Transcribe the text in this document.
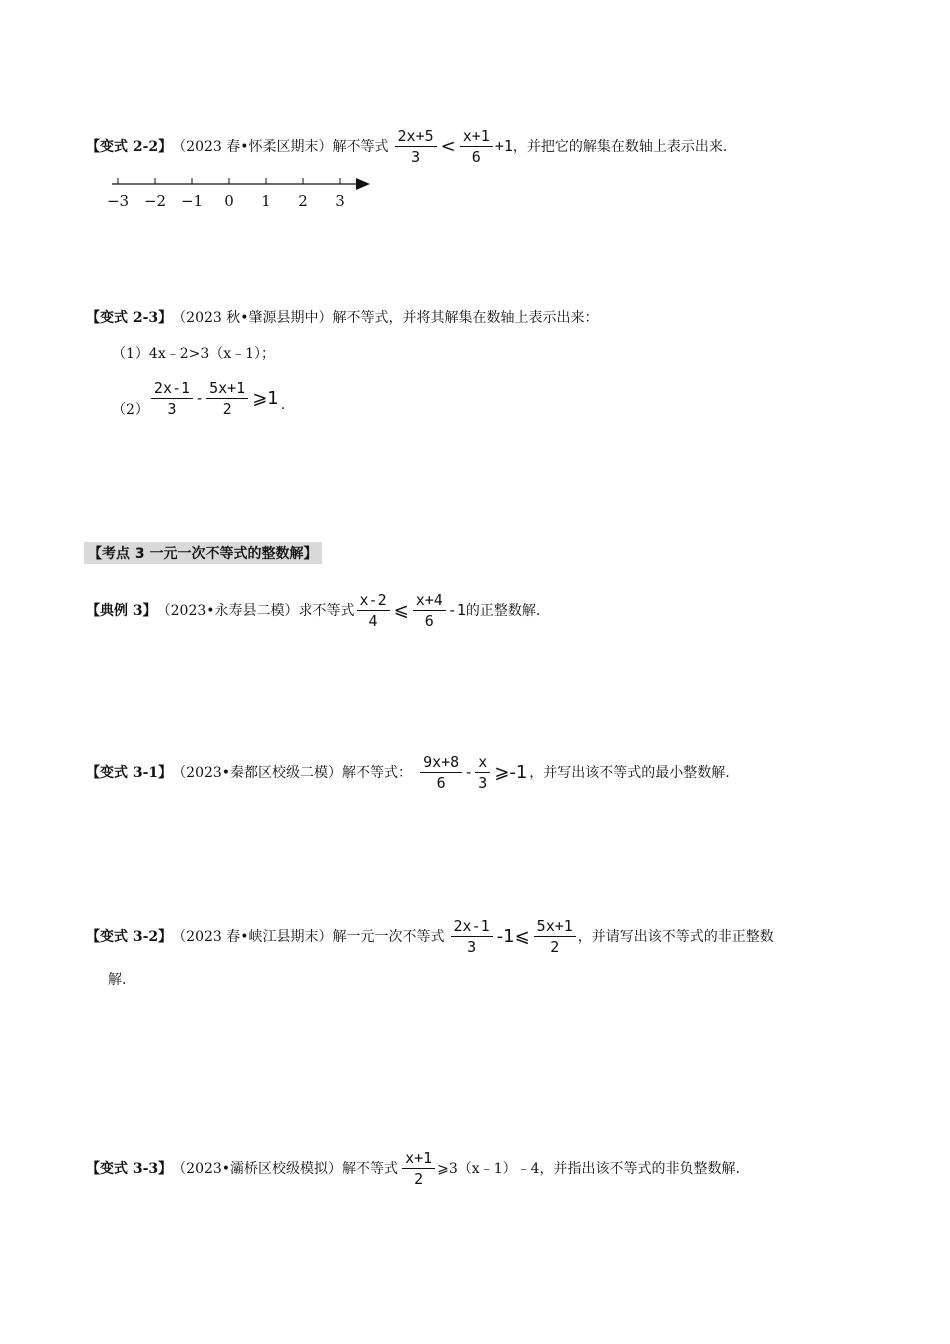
【变式 2-2】 （2023 春•怀柔区期末）解不等式 $\frac{2x+5}{3} < \frac{x+1}{6} +1$ ，并把它的解集在数轴上表示出来.
−3 −2 −1 0 1 2 3
【变式 2-3】 （2023 秋•肇源县期中）解不等式，并将其解集在数轴上表示出来：
（1）4x﹣2>3（x﹣1）；
$(2) \frac{2x-1}{3} - \frac{5x+1}{2}$ ⩾1 .
【考点 3 一元一次不等式的整数解】
【典例 3】 （2023•永寿县二模）求不等式 $\frac{x-2}{4}$ ⩽ $\frac{x+4}{6} -1$ 的正整数解.
【变式 3-1】 （2023•秦都区校级二模）解不等式： $\frac{9x+8}{6} - \frac{x}{3}$ ⩾-1 ，并写出该不等式的最小整数解.
【变式 3-2】 （2023 春•峡江县期末）解一元一次不等式 $\frac{2x-1}{3}$ -1⩽ $\frac{5x+1}{2}$ ，并请写出该不等式的非正整数
解.
【变式 3-3】 （2023•灞桥区校级模拟）解不等式 $\frac{x+1}{2}$ ⩾3（x﹣1）﹣4，并指出该不等式的非负整数解.
